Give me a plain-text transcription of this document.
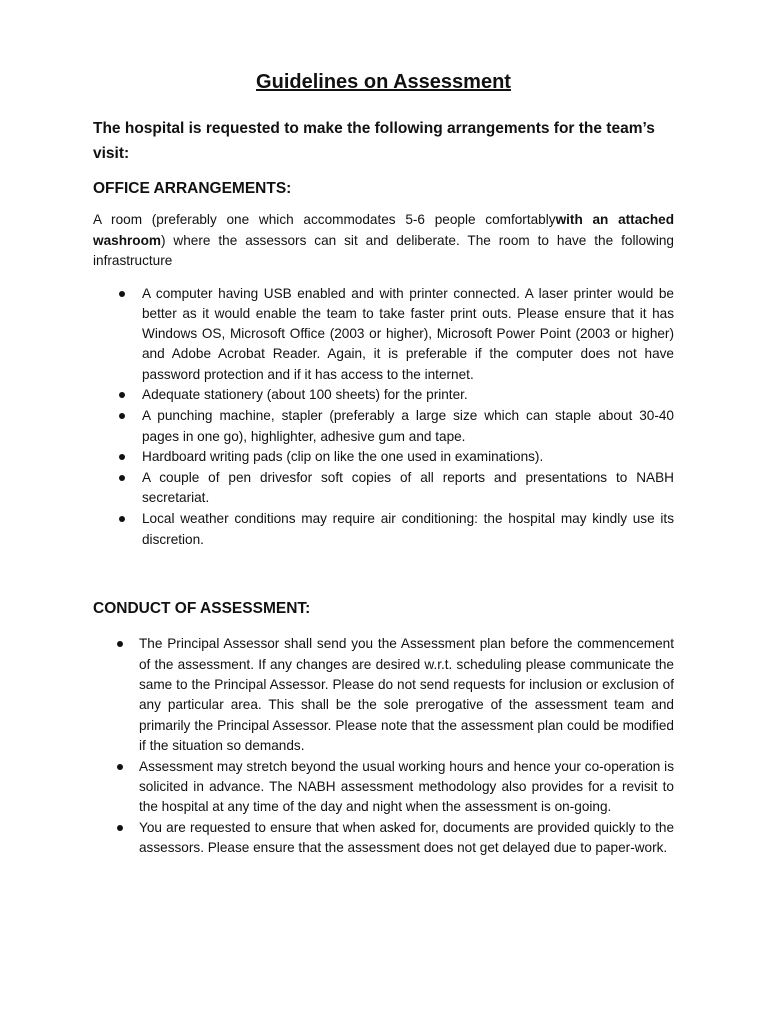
Guidelines on Assessment

The hospital is requested to make the following arrangements for the team’s visit:

OFFICE ARRANGEMENTS:

A room (preferably one which accommodates 5-6 people comfortablywith an attached washroom) where the assessors can sit and deliberate. The room to have the following infrastructure

A computer having USB enabled and with printer connected. A laser printer would be better as it would enable the team to take faster print outs. Please ensure that it has Windows OS, Microsoft Office (2003 or higher), Microsoft Power Point (2003 or higher) and Adobe Acrobat Reader. Again, it is preferable if the computer does not have password protection and if it has access to the internet.
Adequate stationery (about 100 sheets) for the printer.
A punching machine, stapler (preferably a large size which can staple about 30-40 pages in one go), highlighter, adhesive gum and tape.
Hardboard writing pads (clip on like the one used in examinations).
A couple of pen drivesfor soft copies of all reports and presentations to NABH secretariat.
Local weather conditions may require air conditioning: the hospital may kindly use its discretion.
CONDUCT OF ASSESSMENT:
The Principal Assessor shall send you the Assessment plan before the commencement of the assessment. If any changes are desired w.r.t. scheduling please communicate the same to the Principal Assessor. Please do not send requests for inclusion or exclusion of any particular area. This shall be the sole prerogative of the assessment team and primarily the Principal Assessor. Please note that the assessment plan could be modified if the situation so demands.
Assessment may stretch beyond the usual working hours and hence your co-operation is solicited in advance. The NABH assessment methodology also provides for a revisit to the hospital at any time of the day and night when the assessment is on-going.
You are requested to ensure that when asked for, documents are provided quickly to the assessors. Please ensure that the assessment does not get delayed due to paper-work.
